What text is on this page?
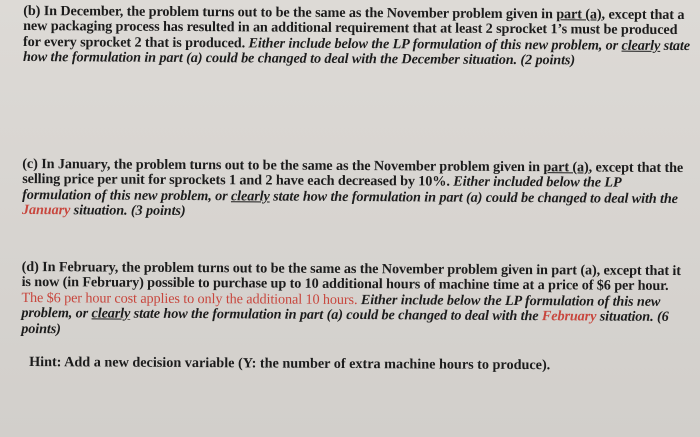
(b) In December, the problem turns out to be the same as the November problem given in part (a), except that a new packaging process has resulted in an additional requirement that at least 2 sprocket 1’s must be produced for every sprocket 2 that is produced. Either include below the LP formulation of this new problem, or clearly state how the formulation in part (a) could be changed to deal with the December situation. (2 points)
(c) In January, the problem turns out to be the same as the November problem given in part (a), except that the selling price per unit for sprockets 1 and 2 have each decreased by 10%. Either included below the LP formulation of this new problem, or clearly state how the formulation in part (a) could be changed to deal with the January situation. (3 points)
(d) In February, the problem turns out to be the same as the November problem given in part (a), except that it is now (in February) possible to purchase up to 10 additional hours of machine time at a price of $6 per hour. The $6 per hour cost applies to only the additional 10 hours. Either include below the LP formulation of this new problem, or clearly state how the formulation in part (a) could be changed to deal with the February situation. (6 points)
Hint: Add a new decision variable (Y: the number of extra machine hours to produce).
